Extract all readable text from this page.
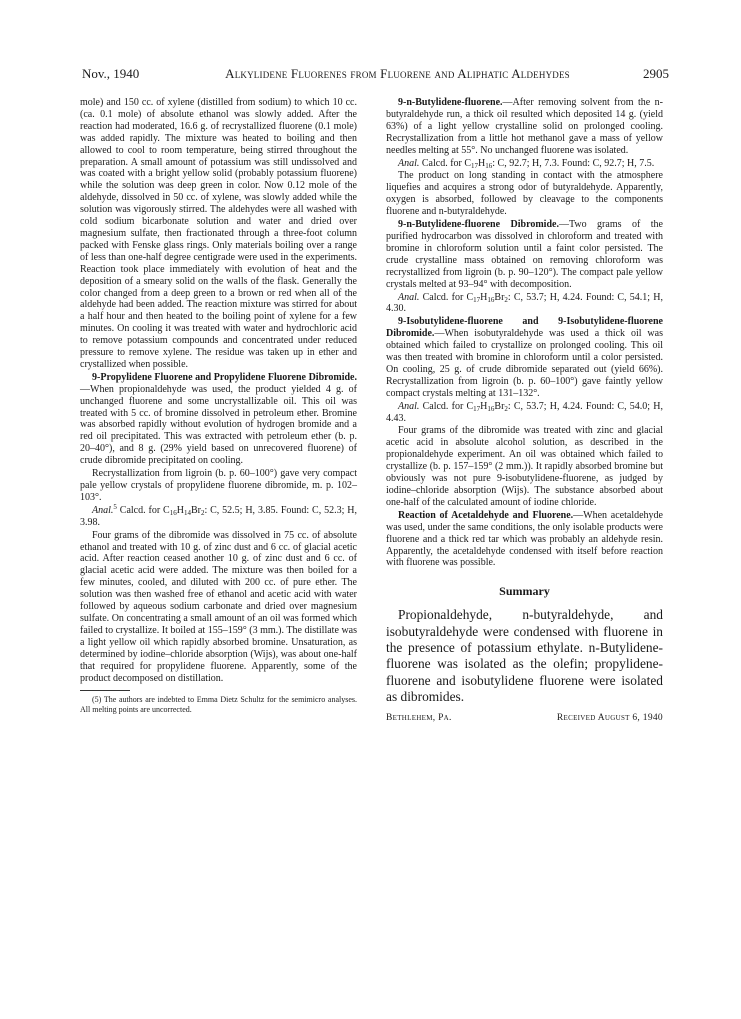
Nov., 1940	Alkylidene Fluorenes from Fluorene and Aliphatic Aldehydes	2905

mole) and 150 cc. of xylene (distilled from sodium) to which 10 cc. (ca. 0.1 mole) of absolute ethanol was slowly added. After the reaction had moderated, 16.6 g. of recrystallized fluorene (0.1 mole) was added rapidly. The mixture was heated to boiling and then allowed to cool to room temperature, being stirred throughout the preparation. A small amount of potassium was still undissolved and was coated with a bright yellow solid (probably potassium fluorene) while the solution was deep green in color. Now 0.12 mole of the aldehyde, dissolved in 50 cc. of xylene, was slowly added while the solution was vigorously stirred. The aldehydes were all washed with cold sodium bicarbonate solution and water and dried over magnesium sulfate, then fractionated through a three-foot column packed with Fenske glass rings. Only materials boiling over a range of less than one-half degree centigrade were used in the experiments. Reaction took place immediately with evolution of heat and the deposition of a smeary solid on the walls of the flask. Generally the color changed from a deep green to a brown or red when all of the aldehyde had been added. The reaction mixture was stirred for about a half hour and then heated to the boiling point of xylene for a few minutes. On cooling it was treated with water and hydrochloric acid to remove potassium compounds and concentrated under reduced pressure to remove xylene. The residue was taken up in ether and crystallized when possible.

9-Propylidene Fluorene and Propylidene Fluorene Dibromide.—When propionaldehyde was used, the product yielded 4 g. of unchanged fluorene and some uncrystallizable oil. This oil was treated with 5 cc. of bromine dissolved in petroleum ether. Bromine was absorbed rapidly without evolution of hydrogen bromide and a red oil precipitated. This was extracted with petroleum ether (b. p. 20–40°), and 8 g. (29% yield based on unrecovered fluorene) of crude dibromide precipitated on cooling.

Recrystallization from ligroin (b. p. 60–100°) gave very compact pale yellow crystals of propylidene fluorene dibromide, m. p. 102–103°.

Anal.$^5$ Calcd. for $C_{16}H_{14}Br_2$: C, 52.5; H, 3.85. Found: C, 52.3; H, 3.98.

Four grams of the dibromide was dissolved in 75 cc. of absolute ethanol and treated with 10 g. of zinc dust and 6 cc. of glacial acetic acid. After reaction ceased another 10 g. of zinc dust and 6 cc. of glacial acetic acid were added. The mixture was then boiled for a few minutes, cooled, and diluted with 200 cc. of pure ether. The solution was then washed free of ethanol and acetic acid with water followed by aqueous sodium carbonate and dried over magnesium sulfate. On concentrating a small amount of an oil was formed which failed to crystallize. It boiled at 155–159° (3 mm.). The distillate was a light yellow oil which rapidly absorbed bromine. Unsaturation, as determined by iodine–chloride absorption (Wijs), was about one-half that required for propylidene fluorene. Apparently, some of the product decomposed on distillation.

(5) The authors are indebted to Emma Dietz Schultz for the semimicro analyses. All melting points are uncorrected.

9-n-Butylidene-fluorene.—After removing solvent from the n-butyraldehyde run, a thick oil resulted which deposited 14 g. (yield 63%) of a light yellow crystalline solid on prolonged cooling. Recrystallization from a little hot methanol gave a mass of yellow needles melting at 55°. No unchanged fluorene was isolated.

Anal. Calcd. for $C_{17}H_{16}$: C, 92.7; H, 7.3. Found: C, 92.7; H, 7.5.

The product on long standing in contact with the atmosphere liquefies and acquires a strong odor of butyraldehyde. Apparently, oxygen is absorbed, followed by cleavage to the components fluorene and n-butyraldehyde.

9-n-Butylidene-fluorene Dibromide.—Two grams of the purified hydrocarbon was dissolved in chloroform and treated with bromine in chloroform solution until a faint color persisted. The crude crystalline mass obtained on removing chloroform was recrystallized from ligroin (b. p. 90–120°). The compact pale yellow crystals melted at 93–94° with decomposition.

Anal. Calcd. for $C_{17}H_{16}Br_2$: C, 53.7; H, 4.24. Found: C, 54.1; H, 4.30.

9-Isobutylidene-fluorene and 9-Isobutylidene-fluorene Dibromide.—When isobutyraldehyde was used a thick oil was obtained which failed to crystallize on prolonged cooling. This oil was then treated with bromine in chloroform until a color persisted. On cooling, 25 g. of crude dibromide separated out (yield 66%). Recrystallization from ligroin (b. p. 60–100°) gave faintly yellow compact crystals melting at 131–132°.

Anal. Calcd. for $C_{17}H_{16}Br_2$: C, 53.7; H, 4.24. Found: C, 54.0; H, 4.43.

Four grams of the dibromide was treated with zinc and glacial acetic acid in absolute alcohol solution, as described in the propionaldehyde experiment. An oil was obtained which failed to crystallize (b. p. 157–159° (2 mm.)). It rapidly absorbed bromine but obviously was not pure 9-isobutylidene-fluorene, as judged by iodine–chloride absorption (Wijs). The substance absorbed about one-half of the calculated amount of iodine chloride.

Reaction of Acetaldehyde and Fluorene.—When acetaldehyde was used, under the same conditions, the only isolable products were fluorene and a thick red tar which was probably an aldehyde resin. Apparently, the acetaldehyde condensed with itself before reaction with fluorene was possible.

Summary

Propionaldehyde, n-butyraldehyde, and isobutyraldehyde were condensed with fluorene in the presence of potassium ethylate. n-Butylidene-fluorene was isolated as the olefin; propylidene-fluorene and isobutylidene fluorene were isolated as dibromides.

Bethlehem, Pa.	Received August 6, 1940
